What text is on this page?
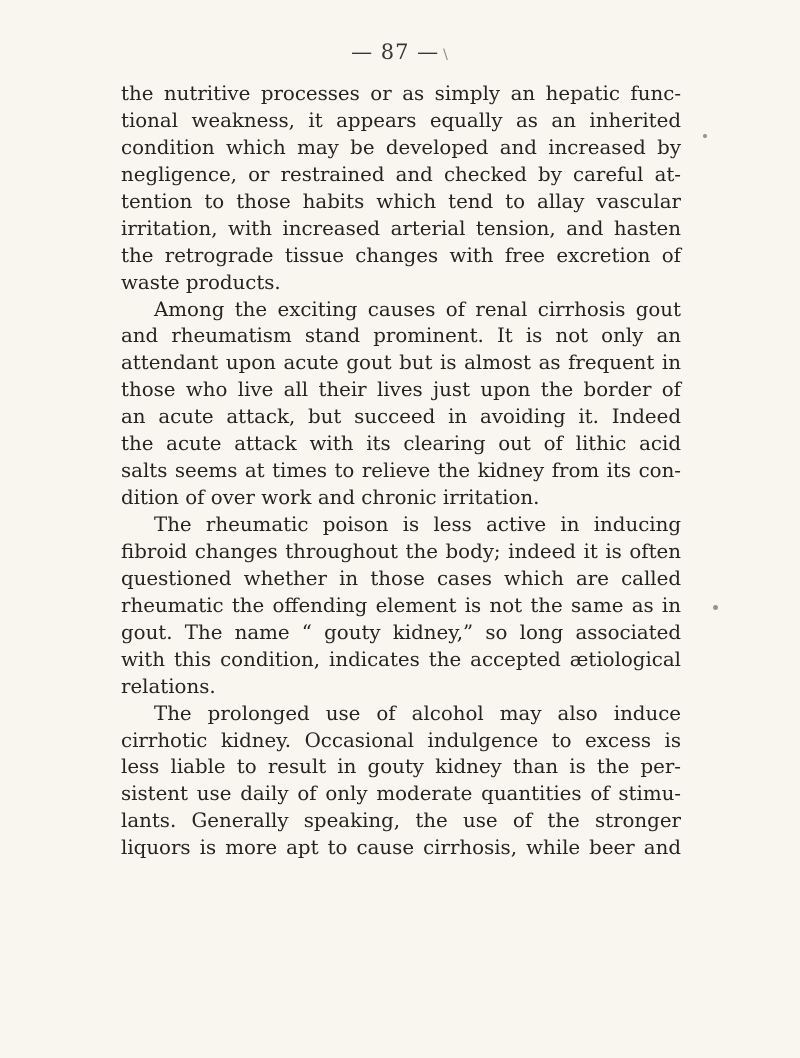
— 87 — \
the nutritive processes or as simply an hepatic func-
tional weakness, it appears equally as an inherited
condition which may be developed and increased by
negligence, or restrained and checked by careful at-
tention to those habits which tend to allay vascular
irritation, with increased arterial tension, and hasten
the retrograde tissue changes with free excretion of
waste products.
Among the exciting causes of renal cirrhosis gout
and rheumatism stand prominent. It is not only an
attendant upon acute gout but is almost as frequent in
those who live all their lives just upon the border of
an acute attack, but succeed in avoiding it. Indeed
the acute attack with its clearing out of lithic acid
salts seems at times to relieve the kidney from its con-
dition of over work and chronic irritation.
The rheumatic poison is less active in inducing
fibroid changes throughout the body; indeed it is often
questioned whether in those cases which are called
rheumatic the offending element is not the same as in
gout. The name “ gouty kidney,” so long associated
with this condition, indicates the accepted ætiological
relations.
The prolonged use of alcohol may also induce
cirrhotic kidney. Occasional indulgence to excess is
less liable to result in gouty kidney than is the per-
sistent use daily of only moderate quantities of stimu-
lants. Generally speaking, the use of the stronger
liquors is more apt to cause cirrhosis, while beer and
